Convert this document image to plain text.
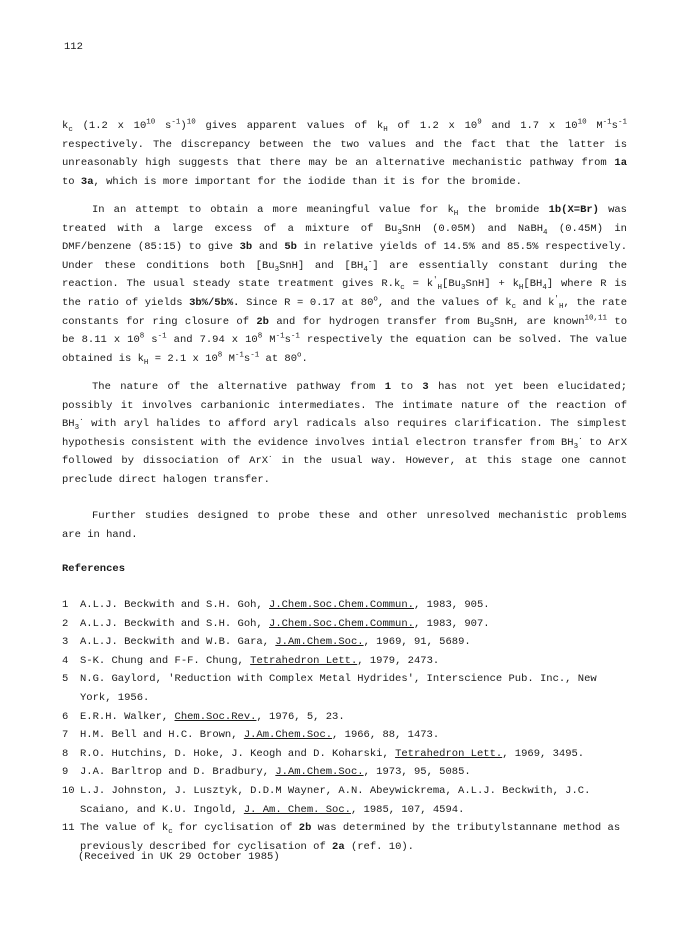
112

$k_c$ (1.2 x $10^{10}$ $s^{-1})^{10}$ gives apparent values of $k_H$ of 1.2 x $10^9$ and 1.7 x $10^{10}$ $M^{-1}s^{-1}$ respectively. The discrepancy between the two values and the fact that the latter is unreasonably high suggests that there may be an alternative mechanistic pathway from 1a to 3a, which is more important for the iodide than it is for the bromide.

In an attempt to obtain a more meaningful value for $k_H$ the bromide 1b(X=Br) was treated with a large excess of a mixture of $Bu_3SnH$ (0.05M) and NaBH$_4$ (0.45M) in DMF/benzene (85:15) to give 3b and 5b in relative yields of 14.5% and 85.5% respectively. Under these conditions both $[Bu_3SnH]$ and $[BH_4^-]$ are essentially constant during the reaction. The usual steady state treatment gives $R.k_c = k'_H[Bu_3SnH] + k_H[BH_4]$ where R is the ratio of yields 3b%/5b%. Since R = 0.17 at 80$^o$, and the values of $k_c$ and $k'_H$, the rate constants for ring closure of 2b and for hydrogen transfer from $Bu_3SnH$, are known$^{10,11}$ to be 8.11 x $10^8$ $s^{-1}$ and 7.94 x $10^8$ $M^{-1}s^{-1}$ respectively the equation can be solved. The value obtained is $k_H = 2.1$ x $10^8$ $M^{-1}s^{-1}$ at 80$^o$.

The nature of the alternative pathway from 1 to 3 has not yet been elucidated; possibly it involves carbanionic intermediates. The intimate nature of the reaction of $BH_3^\cdot$ with aryl halides to afford aryl radicals also requires clarification. The simplest hypothesis consistent with the evidence involves intial electron transfer from $BH_3^\cdot$ to ArX followed by dissociation of ArX· in the usual way. However, at this stage one cannot preclude direct halogen transfer.

Further studies designed to probe these and other unresolved mechanistic problems are in hand.

References
1	A.L.J. Beckwith and S.H. Goh, J.Chem.Soc.Chem.Commun., 1983, 905.
2	A.L.J. Beckwith and S.H. Goh, J.Chem.Soc.Chem.Commun., 1983, 907.
3	A.L.J. Beckwith and W.B. Gara, J.Am.Chem.Soc., 1969, 91, 5689.
4	S-K. Chung and F-F. Chung, Tetrahedron Lett., 1979, 2473.
5	N.G. Gaylord, 'Reduction with Complex Metal Hydrides', Interscience Pub. Inc., New York, 1956.
6	E.R.H. Walker, Chem.Soc.Rev., 1976, 5, 23.
7	H.M. Bell and H.C. Brown, J.Am.Chem.Soc., 1966, 88, 1473.
8	R.O. Hutchins, D. Hoke, J. Keogh and D. Koharski, Tetrahedron Lett., 1969, 3495.
9	J.A. Barltrop and D. Bradbury, J.Am.Chem.Soc., 1973, 95, 5085.
10 L.J. Johnston, J. Lusztyk, D.D.M Wayner, A.N. Abeywickrema, A.L.J. Beckwith, J.C. Scaiano, and K.U. Ingold, J. Am. Chem. Soc., 1985, 107, 4594.
11 The value of $k_c$ for cyclisation of 2b was determined by the tributylstannane method as previously described for cyclisation of 2a (ref. 10).
(Received in UK 29 October 1985)
